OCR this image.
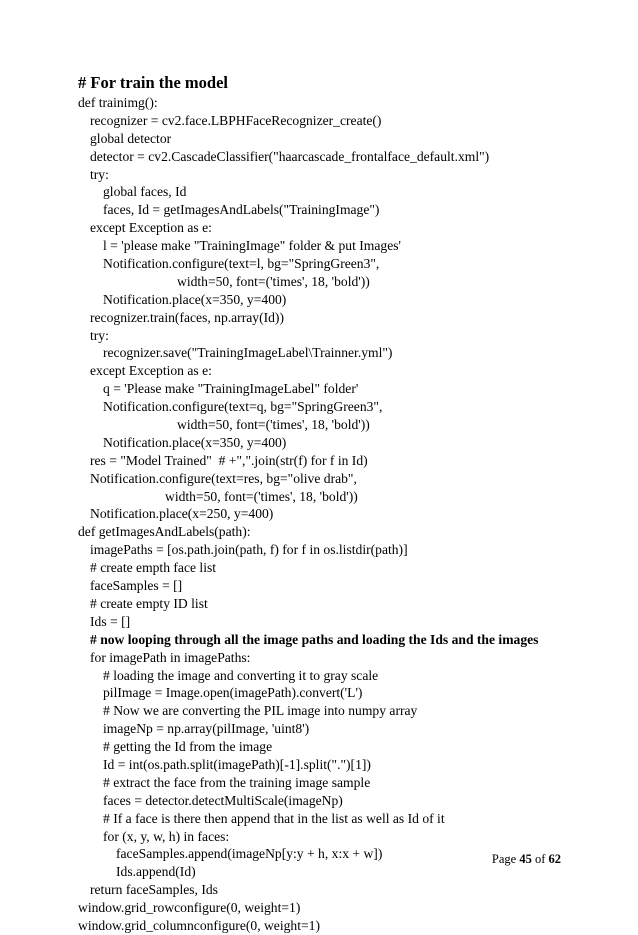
# For train the model
def trainimg():
recognizer = cv2.face.LBPHFaceRecognizer_create()
global detector
detector = cv2.CascadeClassifier("haarcascade_frontalface_default.xml")
try:
global faces, Id
faces, Id = getImagesAndLabels("TrainingImage")
except Exception as e:
l = 'please make "TrainingImage" folder & put Images'
Notification.configure(text=l, bg="SpringGreen3",
width=50, font=('times', 18, 'bold'))
Notification.place(x=350, y=400)
recognizer.train(faces, np.array(Id))
try:
recognizer.save("TrainingImageLabel\Trainner.yml")
except Exception as e:
q = 'Please make "TrainingImageLabel" folder'
Notification.configure(text=q, bg="SpringGreen3",
width=50, font=('times', 18, 'bold'))
Notification.place(x=350, y=400)
res = "Model Trained"  # +",".join(str(f) for f in Id)
Notification.configure(text=res, bg="olive drab",
width=50, font=('times', 18, 'bold'))
Notification.place(x=250, y=400)
def getImagesAndLabels(path):
imagePaths = [os.path.join(path, f) for f in os.listdir(path)]
# create empth face list
faceSamples = []
# create empty ID list
Ids = []
# now looping through all the image paths and loading the Ids and the images
for imagePath in imagePaths:
# loading the image and converting it to gray scale
pilImage = Image.open(imagePath).convert('L')
# Now we are converting the PIL image into numpy array
imageNp = np.array(pilImage, 'uint8')
# getting the Id from the image
Id = int(os.path.split(imagePath)[-1].split(".")[1])
# extract the face from the training image sample
faces = detector.detectMultiScale(imageNp)
# If a face is there then append that in the list as well as Id of it
for (x, y, w, h) in faces:
faceSamples.append(imageNp[y:y + h, x:x + w])
Ids.append(Id)
return faceSamples, Ids
window.grid_rowconfigure(0, weight=1)
window.grid_columnconfigure(0, weight=1)
Page 45 of 62
